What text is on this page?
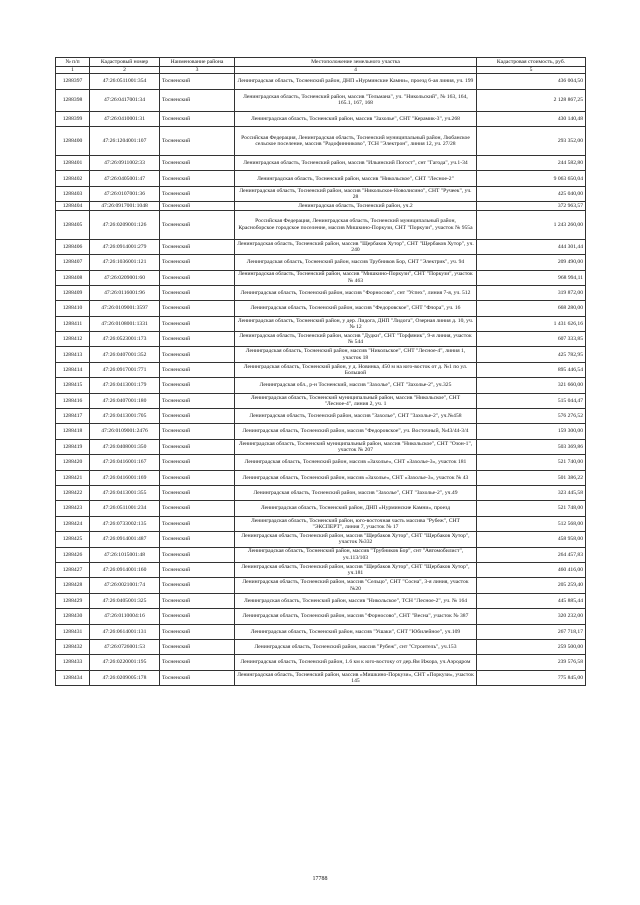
№ п/п	Кадастровый номер	Наименование района	Местоположение земельного участка	Кадастровая стоимость, руб.
1	2	3	4	5
1288397	47:26:0511001:354	Тосненский	Ленинградская область, Тосненский район, ДНП «Нурминские Камни», проезд 6-ая линия, уч. 199	436 004,50
1288398	47:26:0417001:34	Тосненский	Ленинградская область, Тосненский район, массив "Тельмана", уч. "Никольский", № 163, 164, 165.1, 167, 168	2 128 867,25
1288399	47:26:0410001:31	Тосненский	Ленинградская область, Тосненский район, массив "Захолье", СНТ "Керамик-3", уч.268	430 140,48
1288400	47:26:1204001:107	Тосненский	Российская Федерация, Ленинградская область, Тосненский муниципальный район, Любанское сельское поселение, массив "Радофинниково", ТСН "Электрон", линия 12, уч. 27/28	293 352,00
1288401	47:26:0911002:33	Тосненский	Ленинградская область, Тосненский район, массив "Ильинский Погост", снт "Гагода", уч.1-34	244 582,80
1288402	47:26:0405001:47	Тосненский	Ленинградская область, Тосненский район, массив "Никольское", СНТ "Лесное-2"	9 063 650,04
1288403	47:26:0107001:36	Тосненский	Ленинградская область, Тосненский район, массив "Никольское-Новолисино", СНТ "Ручеек", уч. 28	425 040,00
1288404	47:26:0917001:1048	Тосненский	Ленинградская область, Тосненский район, уч.2	372 963,57
1288405	47:26:0209001:126	Тосненский	Российская Федерация, Ленинградская область, Тосненский муниципальный район, Красноборское городское поселение, массив Мишкино-Поркузи, СНТ "Поркузи", участок № 955а	1 243 260,00
1288406	47:26:0914001:279	Тосненский	Ленинградская область, Тосненский район, массив "Щербаков Хутор", СНТ "Щербаков Хутор", уч. 240	444 301,44
1288407	47:26:1036001:121	Тосненский	Ленинградская область, Тосненский район, массив Трубников Бор, СНТ "Электрик", уч. 94	209 490,00
1288408	47:26:0209001:60	Тосненский	Ленинградская область, Тосненский район, массив "Мишкино-Поркузи", СНТ "Поркузи", участок № 463	968 994,11
1288409	47:26:0116001:96	Тосненский	Ленинградская область, Тосненский район, массив "Форносово", снт "Успех", линия 7-я, уч. 512	319 872,00
1288410	47:26:0109001:3597	Тосненский	Ленинградская область, Тосненский район, массив "Федоровское", СНТ "Флора", уч. 16	668 280,00
1288411	47:26:0108001:1331	Тосненский	Ленинградская область, Тосненский район, у дер. Лидога, ДНП "Лидога", Озерная линия д. 10, уч. № 12	1 431 626,16
1288412	47:26:0523001:173	Тосненский	Ленинградская область, Тосненский район, массив "Дудки", СНТ "Торфяник", 9-я линия, участок № 544	607 333,85
1288413	47:26:0407001:352	Тосненский	Ленинградская область, Тосненский район, массив "Никольское", СНТ "Лесное-4", линия 1, участок 18	425 782,95
1288414	47:26:0917001:771	Тосненский	Ленинградская область, Тосненский район, у д. Новинка, 450 м на юго-восток от д. №1 по ул. Большой	895 446,54
1288415	47:26:0413001:179	Тосненский	Ленинградская обл., р-н Тосненский, массив "Захолье", СНТ "Захолье-2", уч.325	321 660,00
1288416	47:26:0407001:180	Тосненский	Ленинградская область, Тосненский муниципальный район, массив "Никольское", СНТ "Лесное-4", линия 2, уч. 1	515 044,47
1288417	47:26:0413001:705	Тосненский	Ленинградская область, Тосненский район, массив "Захолье", СНТ "Захолье-2", уч.№458	576 276,52
1288418	47:26:0109001:2476	Тосненский	Ленинградская область, Тосненский район, массив "Федоровское", уч. Восточный, №43/44-3/4	159 300,00
1288419	47:26:0408001:350	Тосненский	Ленинградская область, Тосненский муниципальный район, массив "Никольское", СНТ "Озон-1", участок № 207	503 369,86
1288420	47:26:0416001:167	Тосненский	Ленинградская область, Тосненский район, массив «Захолье», СНТ «Захолье-3», участок 181	521 740,00
1288421	47:26:0416001:169	Тосненский	Ленинградская область, Тосненский район, массив «Захолье», СНТ «Захолье-3», участок № 43	501 386,22
1288422	47:26:0413001:355	Тосненский	Ленинградская область, Тосненский район, массив "Захолье", СНТ "Захолье-2", уч.49	323 445,58
1288423	47:26:0511001:234	Тосненский	Ленинградская область, Тосненский район, ДНП «Нурминские Камни», проезд	521 748,00
1288424	47:26:0733002:135	Тосненский	Ленинградская область, Тосненский район, юго-восточная часть массива "Рубеж", СНТ "ЭКСПЕРТ", линия 7, участок № 17	512 568,00
1288425	47:26:0914001:487	Тосненский	Ленинградская область, Тосненский район, массив "Щербаков Хутор", СНТ "Щербаков Хутор", участок №332	458 958,00
1288426	47:26:1015001:48	Тосненский	Ленинградская область, Тосненский район, массив "Трубников Бор", снт "Автомобилист", уч.113/103	264 457,83
1288427	47:26:0914001:160	Тосненский	Ленинградская область, Тосненский район, массив "Щербаков Хутор", СНТ "Щербаков Хутор", уч.181	460 416,00
1288428	47:26:0021001:74	Тосненский	Ленинградская область, Тосненский район, массив "Сельцо", СНТ "Сосна", 3-я линия, участок №20	205 259,40
1288429	47:26:0405001:325	Тосненский	Ленинградская область, Тосненский район, массив "Никольское", ТСН "Лесное-2", уч. № 164	445 885,44
1288430	47:26:0110004:16	Тосненский	Ленинградская область, Тосненский район, массив "Форносово", СНТ "Весна", участок № 387	320 232,00
1288431	47:26:0614001:131	Тосненский	Ленинградская область, Тосненский район, массив "Ушаки", СНТ "Юбилейное", уч.109	267 718,17
1288432	47:26:0726001:53	Тосненский	Ленинградская область, Тосненский район, массив "Рубеж", снт "Строитель", уч.153	259 500,00
1288433	47:26:0220001:195	Тосненский	Ленинградская область, Тосненский район, 1.6 км к юго-востоку от дер.Ям Ижора, уч.Аэродром	239 576,58
1288434	47:26:0209005:178	Тосненский	Ленинградская область, Тосненский район, массив «Мишкино-Поркузи», СНТ «Поркузи», участок 145	775 845,00
17788
